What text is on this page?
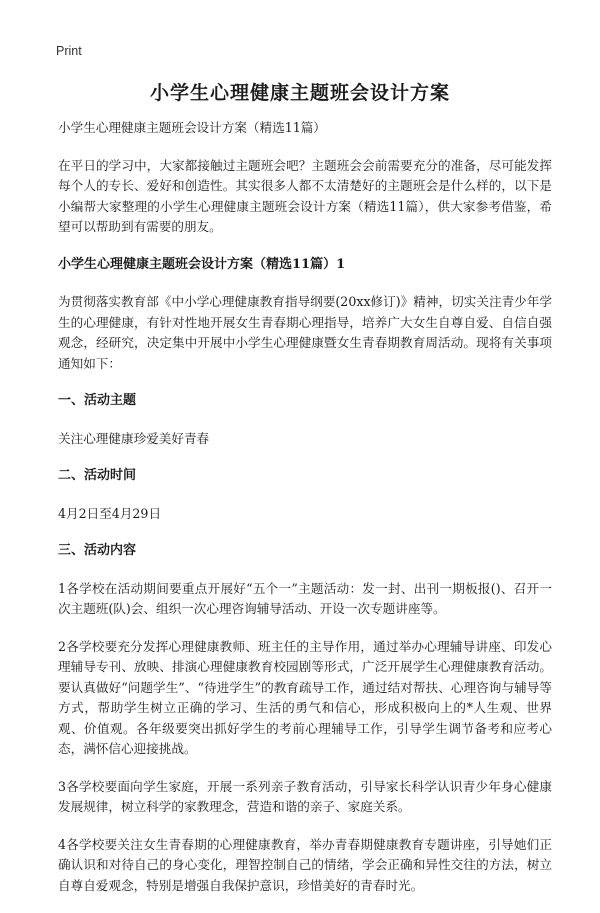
Print
小学生心理健康主题班会设计方案

小学生心理健康主题班会设计方案（精选11篇）

在平日的学习中，大家都接触过主题班会吧？主题班会会前需要充分的准备，尽可能发挥每个人的专长、爱好和创造性。其实很多人都不太清楚好的主题班会是什么样的，以下是小编帮大家整理的小学生心理健康主题班会设计方案（精选11篇），供大家参考借鉴，希望可以帮助到有需要的朋友。

小学生心理健康主题班会设计方案（精选11篇）1

为贯彻落实教育部《中小学心理健康教育指导纲要(20xx修订)》精神，切实关注青少年学生的心理健康，有针对性地开展女生青春期心理指导，培养广大女生自尊自爱、自信自强观念，经研究，决定集中开展中小学生心理健康暨女生青春期教育周活动。现将有关事项通知如下：

一、活动主题

关注心理健康珍爱美好青春

二、活动时间

4月2日至4月29日

三、活动内容

1各学校在活动期间要重点开展好“五个一”主题活动：发一封、出刊一期板报()、召开一次主题班(队)会、组织一次心理咨询辅导活动、开设一次专题讲座等。

2各学校要充分发挥心理健康教师、班主任的主导作用，通过举办心理辅导讲座、印发心理辅导专刊、放映、排演心理健康教育校园剧等形式，广泛开展学生心理健康教育活动。要认真做好“问题学生”、“待进学生”的教育疏导工作，通过结对帮扶、心理咨询与辅导等方式，帮助学生树立正确的学习、生活的勇气和信心，形成积极向上的*人生观、世界观、价值观。各年级要突出抓好学生的考前心理辅导工作，引导学生调节备考和应考心态，满怀信心迎接挑战。

3各学校要面向学生家庭，开展一系列亲子教育活动，引导家长科学认识青少年身心健康发展规律，树立科学的家教理念，营造和谐的亲子、家庭关系。

4各学校要关注女生青春期的心理健康教育，举办青春期健康教育专题讲座，引导她们正确认识和对待自己的身心变化，理智控制自己的情绪，学会正确和异性交往的方法，树立自尊自爱观念，特别是增强自我保护意识，珍惜美好的青春时光。
